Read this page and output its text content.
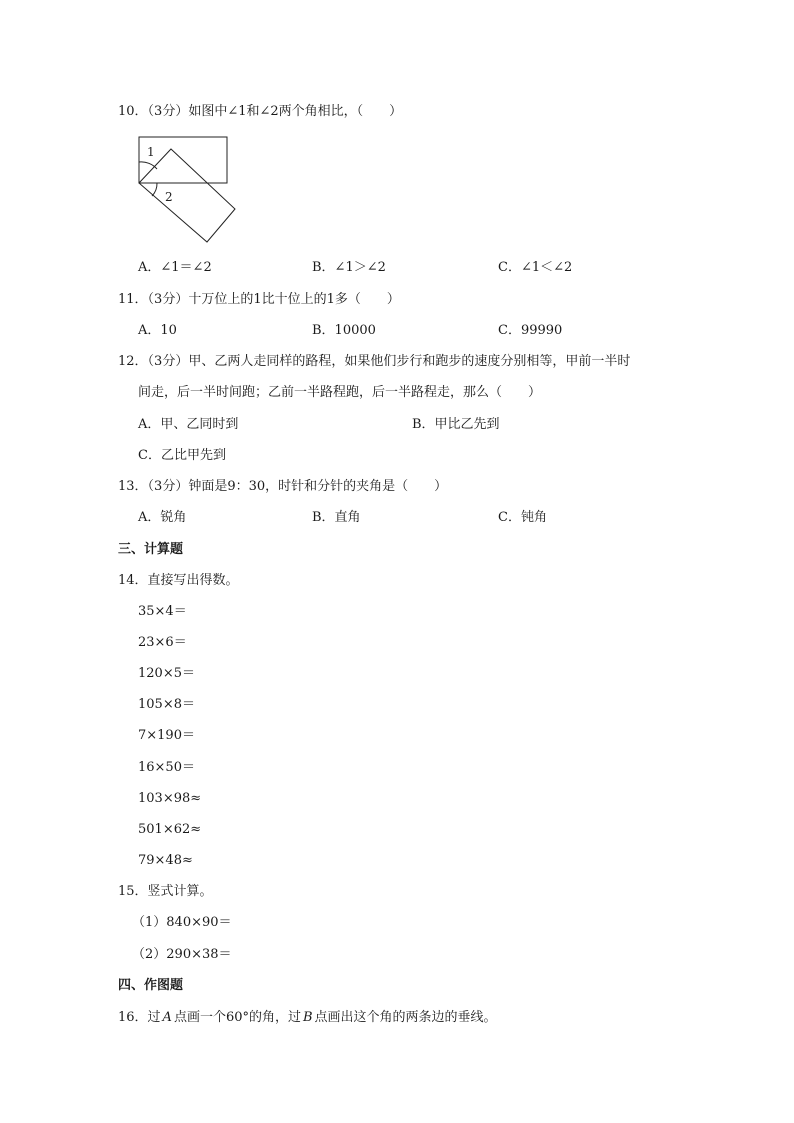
10．（3分）如图中∠1和∠2两个角相比，（　　）
1
2
A．∠1＝∠2	B．∠1＞∠2	C．∠1＜∠2
11．（3分）十万位上的1比十位上的1多（　　）
A．10	B．10000	C．99990
12．（3分）甲、乙两人走同样的路程，如果他们步行和跑步的速度分别相等，甲前一半时
间走，后一半时间跑；乙前一半路程跑，后一半路程走，那么（　　）
A．甲、乙同时到	B．甲比乙先到
C．乙比甲先到
13．（3分）钟面是9：30，时针和分针的夹角是（　　）
A．锐角	B．直角	C．钝角
三、计算题
14．直接写出得数。
35×4＝
23×6＝
120×5＝
105×8＝
7×190＝
16×50＝
103×98≈
501×62≈
79×48≈
15．竖式计算。
（1）840×90＝
（2）290×38＝
四、作图题
16．过 A 点画一个60°的角，过 B 点画出这个角的两条边的垂线。
